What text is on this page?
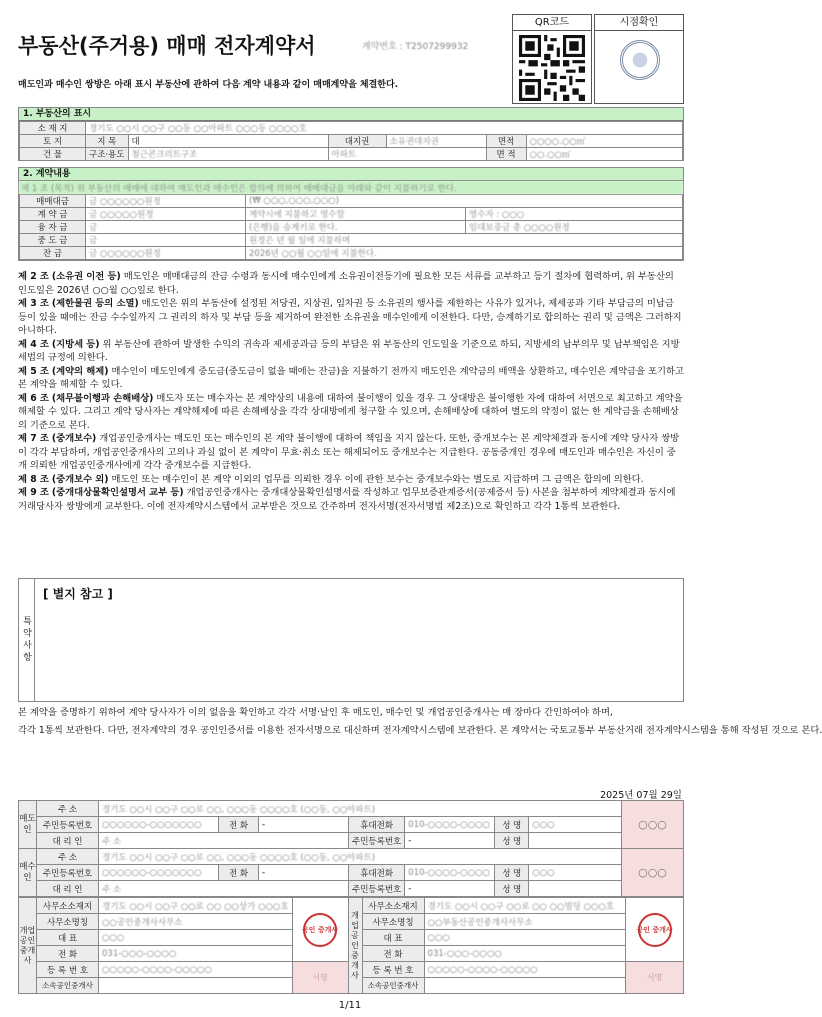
부동산(주거용) 매매 전자계약서	계약번호 : T2507299932
QR코드	시점확인
매도인과 매수인 쌍방은 아래 표시 부동산에 관하여 다음 계약 내용과 같이 매매계약을 체결한다.
1. 부동산의 표시
소 재 지	경기도 ○○시 ○○구 ○○동 ○○아파트 ○○○동 ○○○○호					
토 지	지 목	대	대지권	소유권대지권	면적	○○○○.○○㎡
건 물	구조·용도	철근콘크리트구조	아파트		면 적	○○.○○㎡
2. 계약내용
제 1 조 (목적) 위 부동산의 매매에 대하여 매도인과 매수인은 합의에 의하여 매매대금을 아래와 같이 지불하기로 한다.
매매대금	금 ○○○○○○원정	(₩ ○○○,○○○,○○○)	
계 약 금	금 ○○○○○원정	계약시에 지불하고 영수함	영수자 : ○○○
융 자 금	금	(은행)을 승계키로 한다.	임대보증금 총 ○○○○원정
중 도 금	금	원정은 년 월 일에 지불하며	
잔 금	금 ○○○○○○원정	2026년 ○○월 ○○일에 지불한다.	
제 2 조 (소유권 이전 등) 매도인은 매매대금의 잔금 수령과 동시에 매수인에게 소유권이전등기에 필요한 모든 서류를 교부하고 등기 절차에 협력하며, 위 부동산의 인도일은 2026년 ○○월 ○○일로 한다.
제 3 조 (제한물권 등의 소멸) 매도인은 위의 부동산에 설정된 저당권, 지상권, 임차권 등 소유권의 행사를 제한하는 사유가 있거나, 제세공과 기타 부담금의 미납금 등이 있을 때에는 잔금 수수일까지 그 권리의 하자 및 부담 등을 제거하여 완전한 소유권을 매수인에게 이전한다. 다만, 승계하기로 합의하는 권리 및 금액은 그러하지 아니하다.
제 4 조 (지방세 등) 위 부동산에 관하여 발생한 수익의 귀속과 제세공과금 등의 부담은 위 부동산의 인도일을 기준으로 하되, 지방세의 납부의무 및 납부책임은 지방세법의 규정에 의한다.
제 5 조 (계약의 해제) 매수인이 매도인에게 중도금(중도금이 없을 때에는 잔금)을 지불하기 전까지 매도인은 계약금의 배액을 상환하고, 매수인은 계약금을 포기하고 본 계약을 해제할 수 있다.
제 6 조 (채무불이행과 손해배상) 매도자 또는 매수자는 본 계약상의 내용에 대하여 불이행이 있을 경우 그 상대방은 불이행한 자에 대하여 서면으로 최고하고 계약을 해제할 수 있다. 그리고 계약 당사자는 계약해제에 따른 손해배상을 각각 상대방에게 청구할 수 있으며, 손해배상에 대하여 별도의 약정이 없는 한 계약금을 손해배상의 기준으로 본다.
제 7 조 (중개보수) 개업공인중개사는 매도인 또는 매수인의 본 계약 불이행에 대하여 책임을 지지 않는다. 또한, 중개보수는 본 계약체결과 동시에 계약 당사자 쌍방이 각각 부담하며, 개업공인중개사의 고의나 과실 없이 본 계약이 무효·취소 또는 해제되어도 중개보수는 지급한다. 공동중개인 경우에 매도인과 매수인은 자신이 중개 의뢰한 개업공인중개사에게 각각 중개보수를 지급한다.
제 8 조 (중개보수 외) 매도인 또는 매수인이 본 계약 이외의 업무를 의뢰한 경우 이에 관한 보수는 중개보수와는 별도로 지급하며 그 금액은 합의에 의한다.
제 9 조 (중개대상물확인설명서 교부 등) 개업공인중개사는 중개대상물확인설명서를 작성하고 업무보증관계증서(공제증서 등) 사본을 첨부하여 계약체결과 동시에 거래당사자 쌍방에게 교부한다. 이에 전자계약시스템에서 교부받은 것으로 간주하며 전자서명(전자서명법 제2조)으로 확인하고 각각 1통씩 보관한다.
특약사항
[ 별지 참고 ]
본 계약을 증명하기 위하여 계약 당사자가 이의 없음을 확인하고 각각 서명·날인 후 매도인, 매수인 및 개업공인중개사는 매 장마다 간인하여야 하며,
각각 1통씩 보관한다. 다만, 전자계약의 경우 공인인증서를 이용한 전자서명으로 대신하며 전자계약시스템에 보관한다. 본 계약서는 국토교통부 부동산거래 전자계약시스템을 통해 작성된 것으로 본다.
2025년 07월 29일
매도인	주 소	경기도 ○○시 ○○구 ○○로 ○○, ○○○동 ○○○○호 (○○동, ○○아파트)							○○○
	주민등록번호	○○○○○○-○○○○○○○	전 화	-	휴대전화	010-○○○○-○○○○	성 명	○○○	
	대 리 인	주 소			주민등록번호	-	성 명		
매수인	주 소	경기도 ○○시 ○○구 ○○로 ○○, ○○○동 ○○○○호 (○○동, ○○아파트)							○○○
	주민등록번호	○○○○○○-○○○○○○○	전 화	-	휴대전화	010-○○○○-○○○○	성 명	○○○	
	대 리 인	주 소			주민등록번호	-	성 명		
개업공인중개사	사무소소재지	경기도 ○○시 ○○구 ○○로 ○○ ○○상가 ○○○호	공인 중개사	개업공인중개사	사무소소재지	경기도 ○○시 ○○구 ○○로 ○○ ○○빌딩 ○○○호	공인 중개사

	사무소명칭	○○공인중개사사무소			사무소명칭	○○부동산공인중개사사무소	
	대 표	○○○			대 표	○○○	
	전 화	031-○○○-○○○○			전 화	031-○○○-○○○○	
	등 록 번 호	○○○○○-○○○○-○○○○○	서명		등 록 번 호	○○○○○-○○○○-○○○○○	서명
	소속공인중개사				소속공인중개사		
1/11
